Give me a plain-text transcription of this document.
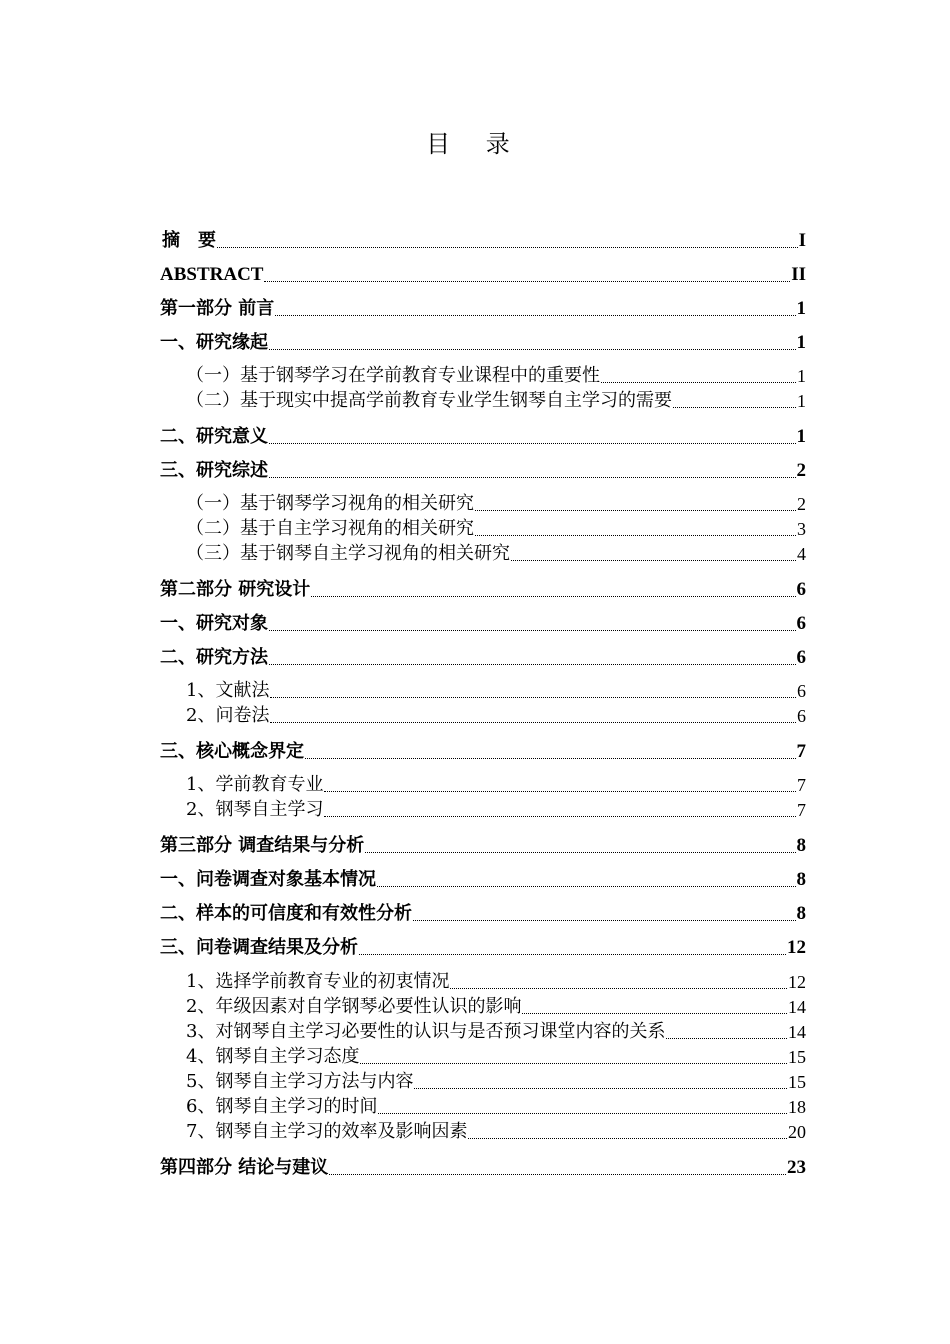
目 录
摘　要	I
ABSTRACT	II
第一部分 前言	1
一、研究缘起	1
（一）基于钢琴学习在学前教育专业课程中的重要性	1
（二）基于现实中提高学前教育专业学生钢琴自主学习的需要	1
二、研究意义	1
三、研究综述	2
（一）基于钢琴学习视角的相关研究	2
（二）基于自主学习视角的相关研究	3
（三）基于钢琴自主学习视角的相关研究	4
第二部分 研究设计	6
一、研究对象	6
二、研究方法	6
1、文献法	6
2、问卷法	6
三、核心概念界定	7
1、学前教育专业	7
2、钢琴自主学习	7
第三部分 调查结果与分析	8
一、问卷调查对象基本情况	8
二、样本的可信度和有效性分析	8
三、问卷调查结果及分析	12
1、选择学前教育专业的初衷情况	12
2、年级因素对自学钢琴必要性认识的影响	14
3、对钢琴自主学习必要性的认识与是否预习课堂内容的关系	14
4、钢琴自主学习态度	15
5、钢琴自主学习方法与内容	15
6、钢琴自主学习的时间	18
7、钢琴自主学习的效率及影响因素	20
第四部分 结论与建议	23
